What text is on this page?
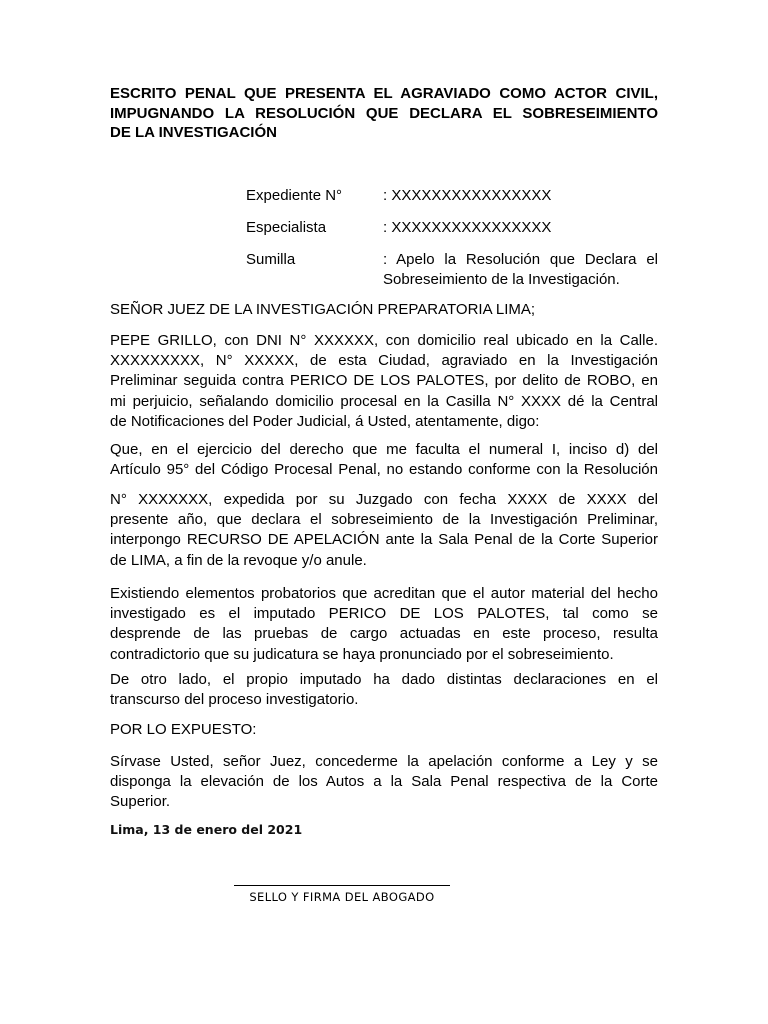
ESCRITO PENAL QUE PRESENTA EL AGRAVIADO COMO ACTOR CIVIL,
IMPUGNANDO LA RESOLUCIÓN QUE DECLARA EL SOBRESEIMIENTO
DE LA INVESTIGACIÓN
Expediente N°	: XXXXXXXXXXXXXXXX
Especialista	: XXXXXXXXXXXXXXXX
Sumilla	: Apelo la Resolución que Declara el
Sobreseimiento de la Investigación.

SEÑOR JUEZ DE LA INVESTIGACIÓN PREPARATORIA LIMA;

PEPE GRILLO, con DNI N° XXXXXX, con domicilio real ubicado en la Calle.
XXXXXXXXX, N° XXXXX, de esta Ciudad, agraviado en la Investigación
Preliminar seguida contra PERICO DE LOS PALOTES, por delito de ROBO, en
mi perjuicio, señalando domicilio procesal en la Casilla N° XXXX dé la Central
de Notificaciones del Poder Judicial, á Usted, atentamente, digo:
Que, en el ejercicio del derecho que me faculta el numeral I, inciso d) del
Artículo 95° del Código Procesal Penal, no estando conforme con la Resolución
N° XXXXXXX, expedida por su Juzgado con fecha XXXX de XXXX del
presente año, que declara el sobreseimiento de la Investigación Preliminar,
interpongo RECURSO DE APELACIÓN ante la Sala Penal de la Corte Superior
de LIMA, a fin de la revoque y/o anule.
Existiendo elementos probatorios que acreditan que el autor material del hecho
investigado es el imputado PERICO DE LOS PALOTES, tal como se
desprende de las pruebas de cargo actuadas en este proceso, resulta
contradictorio que su judicatura se haya pronunciado por el sobreseimiento.
De otro lado, el propio imputado ha dado distintas declaraciones en el
transcurso del proceso investigatorio.

POR LO EXPUESTO:

Sírvase Usted, señor Juez, concederme la apelación conforme a Ley y se
disponga la elevación de los Autos a la Sala Penal respectiva de la Corte
Superior.
Lima, 13 de enero del 2021
SELLO Y FIRMA DEL ABOGADO
